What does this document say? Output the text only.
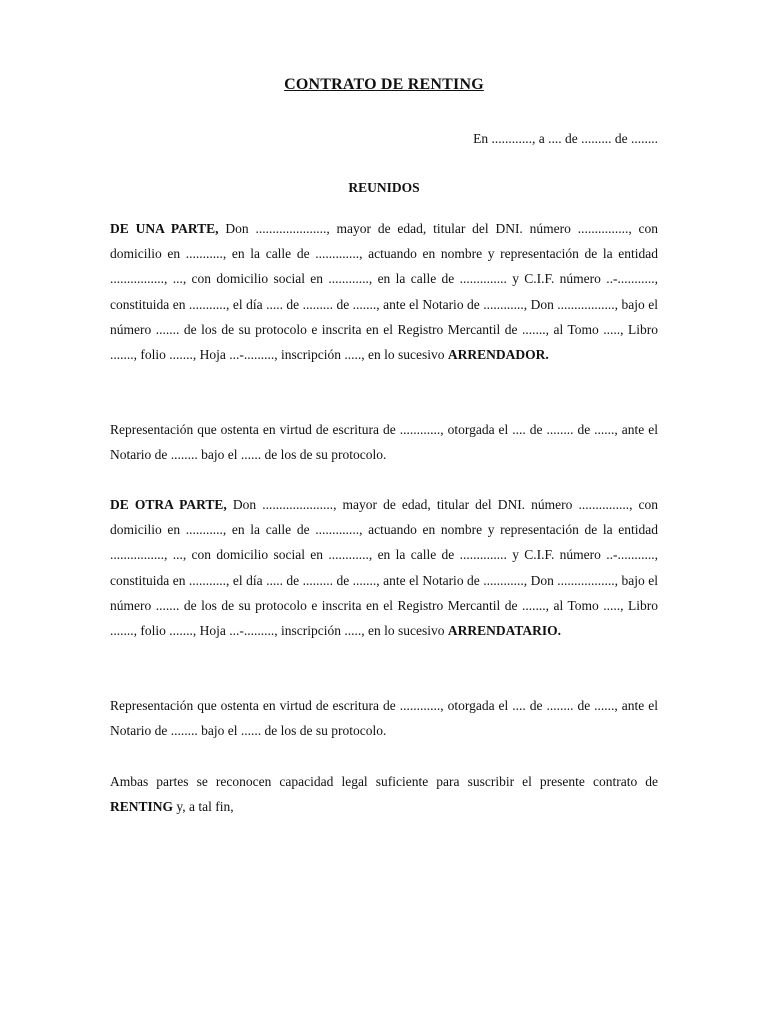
CONTRATO DE RENTING
En ............, a .... de ......... de ........
REUNIDOS

DE UNA PARTE, Don ....................., mayor de edad, titular del DNI. número ..............., con domicilio en ..........., en la calle de ............., actuando en nombre y representación de la entidad ................, ..., con domicilio social en ............, en la calle de .............. y C.I.F. número ..-..........., constituida en ..........., el día ..... de ......... de ......., ante el Notario de ............, Don ................., bajo el número ....... de los de su protocolo e inscrita en el Registro Mercantil de ......., al Tomo ....., Libro ......., folio ......., Hoja ...-........., inscripción ....., en lo sucesivo ARRENDADOR.

Representación que ostenta en virtud de escritura de ............, otorgada el .... de ........ de ......, ante el Notario de ........ bajo el ...... de los de su protocolo.

DE OTRA PARTE, Don ....................., mayor de edad, titular del DNI. número ..............., con domicilio en ..........., en la calle de ............., actuando en nombre y representación de la entidad ................, ..., con domicilio social en ............, en la calle de .............. y C.I.F. número ..-..........., constituida en ..........., el día ..... de ......... de ......., ante el Notario de ............, Don ................., bajo el número ....... de los de su protocolo e inscrita en el Registro Mercantil de ......., al Tomo ....., Libro ......., folio ......., Hoja ...-........., inscripción ....., en lo sucesivo ARRENDATARIO.

Representación que ostenta en virtud de escritura de ............, otorgada el .... de ........ de ......, ante el Notario de ........ bajo el ...... de los de su protocolo.

Ambas partes se reconocen capacidad legal suficiente para suscribir el presente contrato de RENTING y, a tal fin,
